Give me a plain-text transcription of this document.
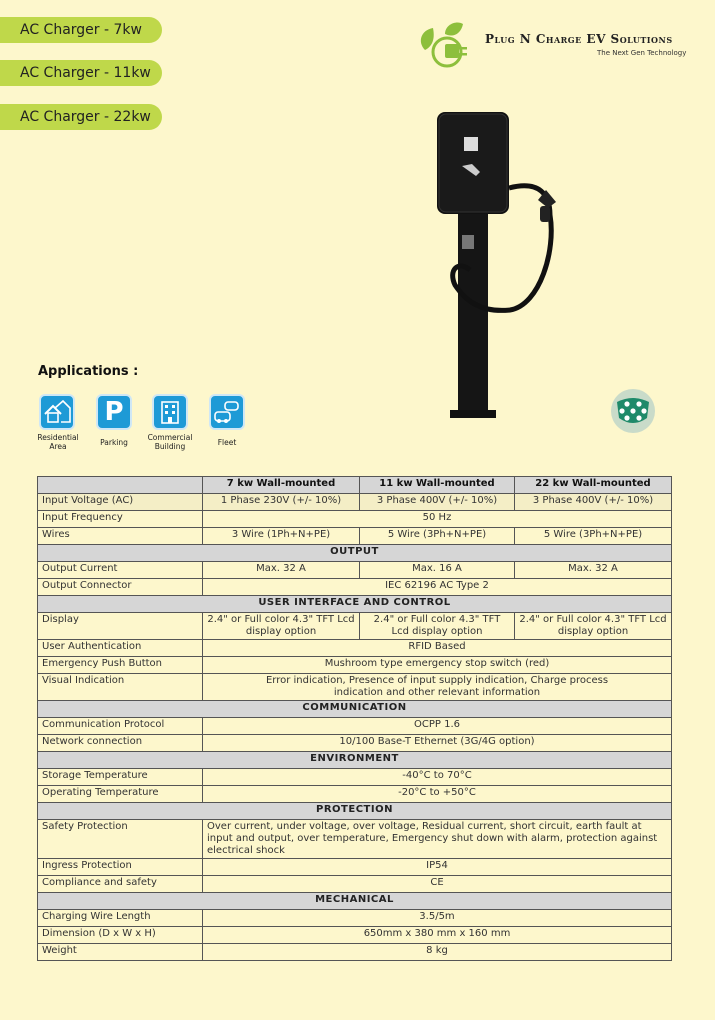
AC Charger - 7kw
AC Charger - 11kw
AC Charger - 22kw
Plug N Charge EV Solutions
The Next Gen Technology
Applications :
Residential Area
P
Parking
Commercial Building	Fleet
	7 kw Wall-mounted	11 kw Wall-mounted	22 kw Wall-mounted
Input Voltage (AC)	1 Phase 230V (+/- 10%)	3 Phase 400V (+/- 10%)	3 Phase 400V (+/- 10%)
Input Frequency	50 Hz		
Wires	3 Wire (1Ph+N+PE)	5 Wire (3Ph+N+PE)	5 Wire (3Ph+N+PE)
OUTPUT			
Output Current	Max. 32 A	Max. 16 A	Max. 32 A
Output Connector	IEC 62196 AC Type 2		
USER INTERFACE AND CONTROL			
Display	2.4" or Full color 4.3" TFT Lcd display option	2.4" or Full color 4.3" TFT Lcd display option	2.4" or Full color 4.3" TFT Lcd display option
User Authentication	RFID Based		
Emergency Push Button	Mushroom type emergency stop switch (red)		
Visual Indication	Error indication, Presence of input supply indication, Charge process indication and other relevant information		
COMMUNICATION			
Communication Protocol	OCPP 1.6		
Network connection	10/100 Base-T Ethernet (3G/4G option)		
ENVIRONMENT			
Storage Temperature	-40°C to 70°C		
Operating Temperature	-20°C to +50°C		
PROTECTION			
Safety Protection	Over current, under voltage, over voltage, Residual current, short circuit, earth fault at input and output, over temperature, Emergency shut down with alarm, protection against electrical shock		
Ingress Protection	IP54		
Compliance and safety	CE		
MECHANICAL			
Charging Wire Length	3.5/5m		
Dimension (D x W x H)	650mm x 380 mm x 160 mm		
Weight	8 kg		
